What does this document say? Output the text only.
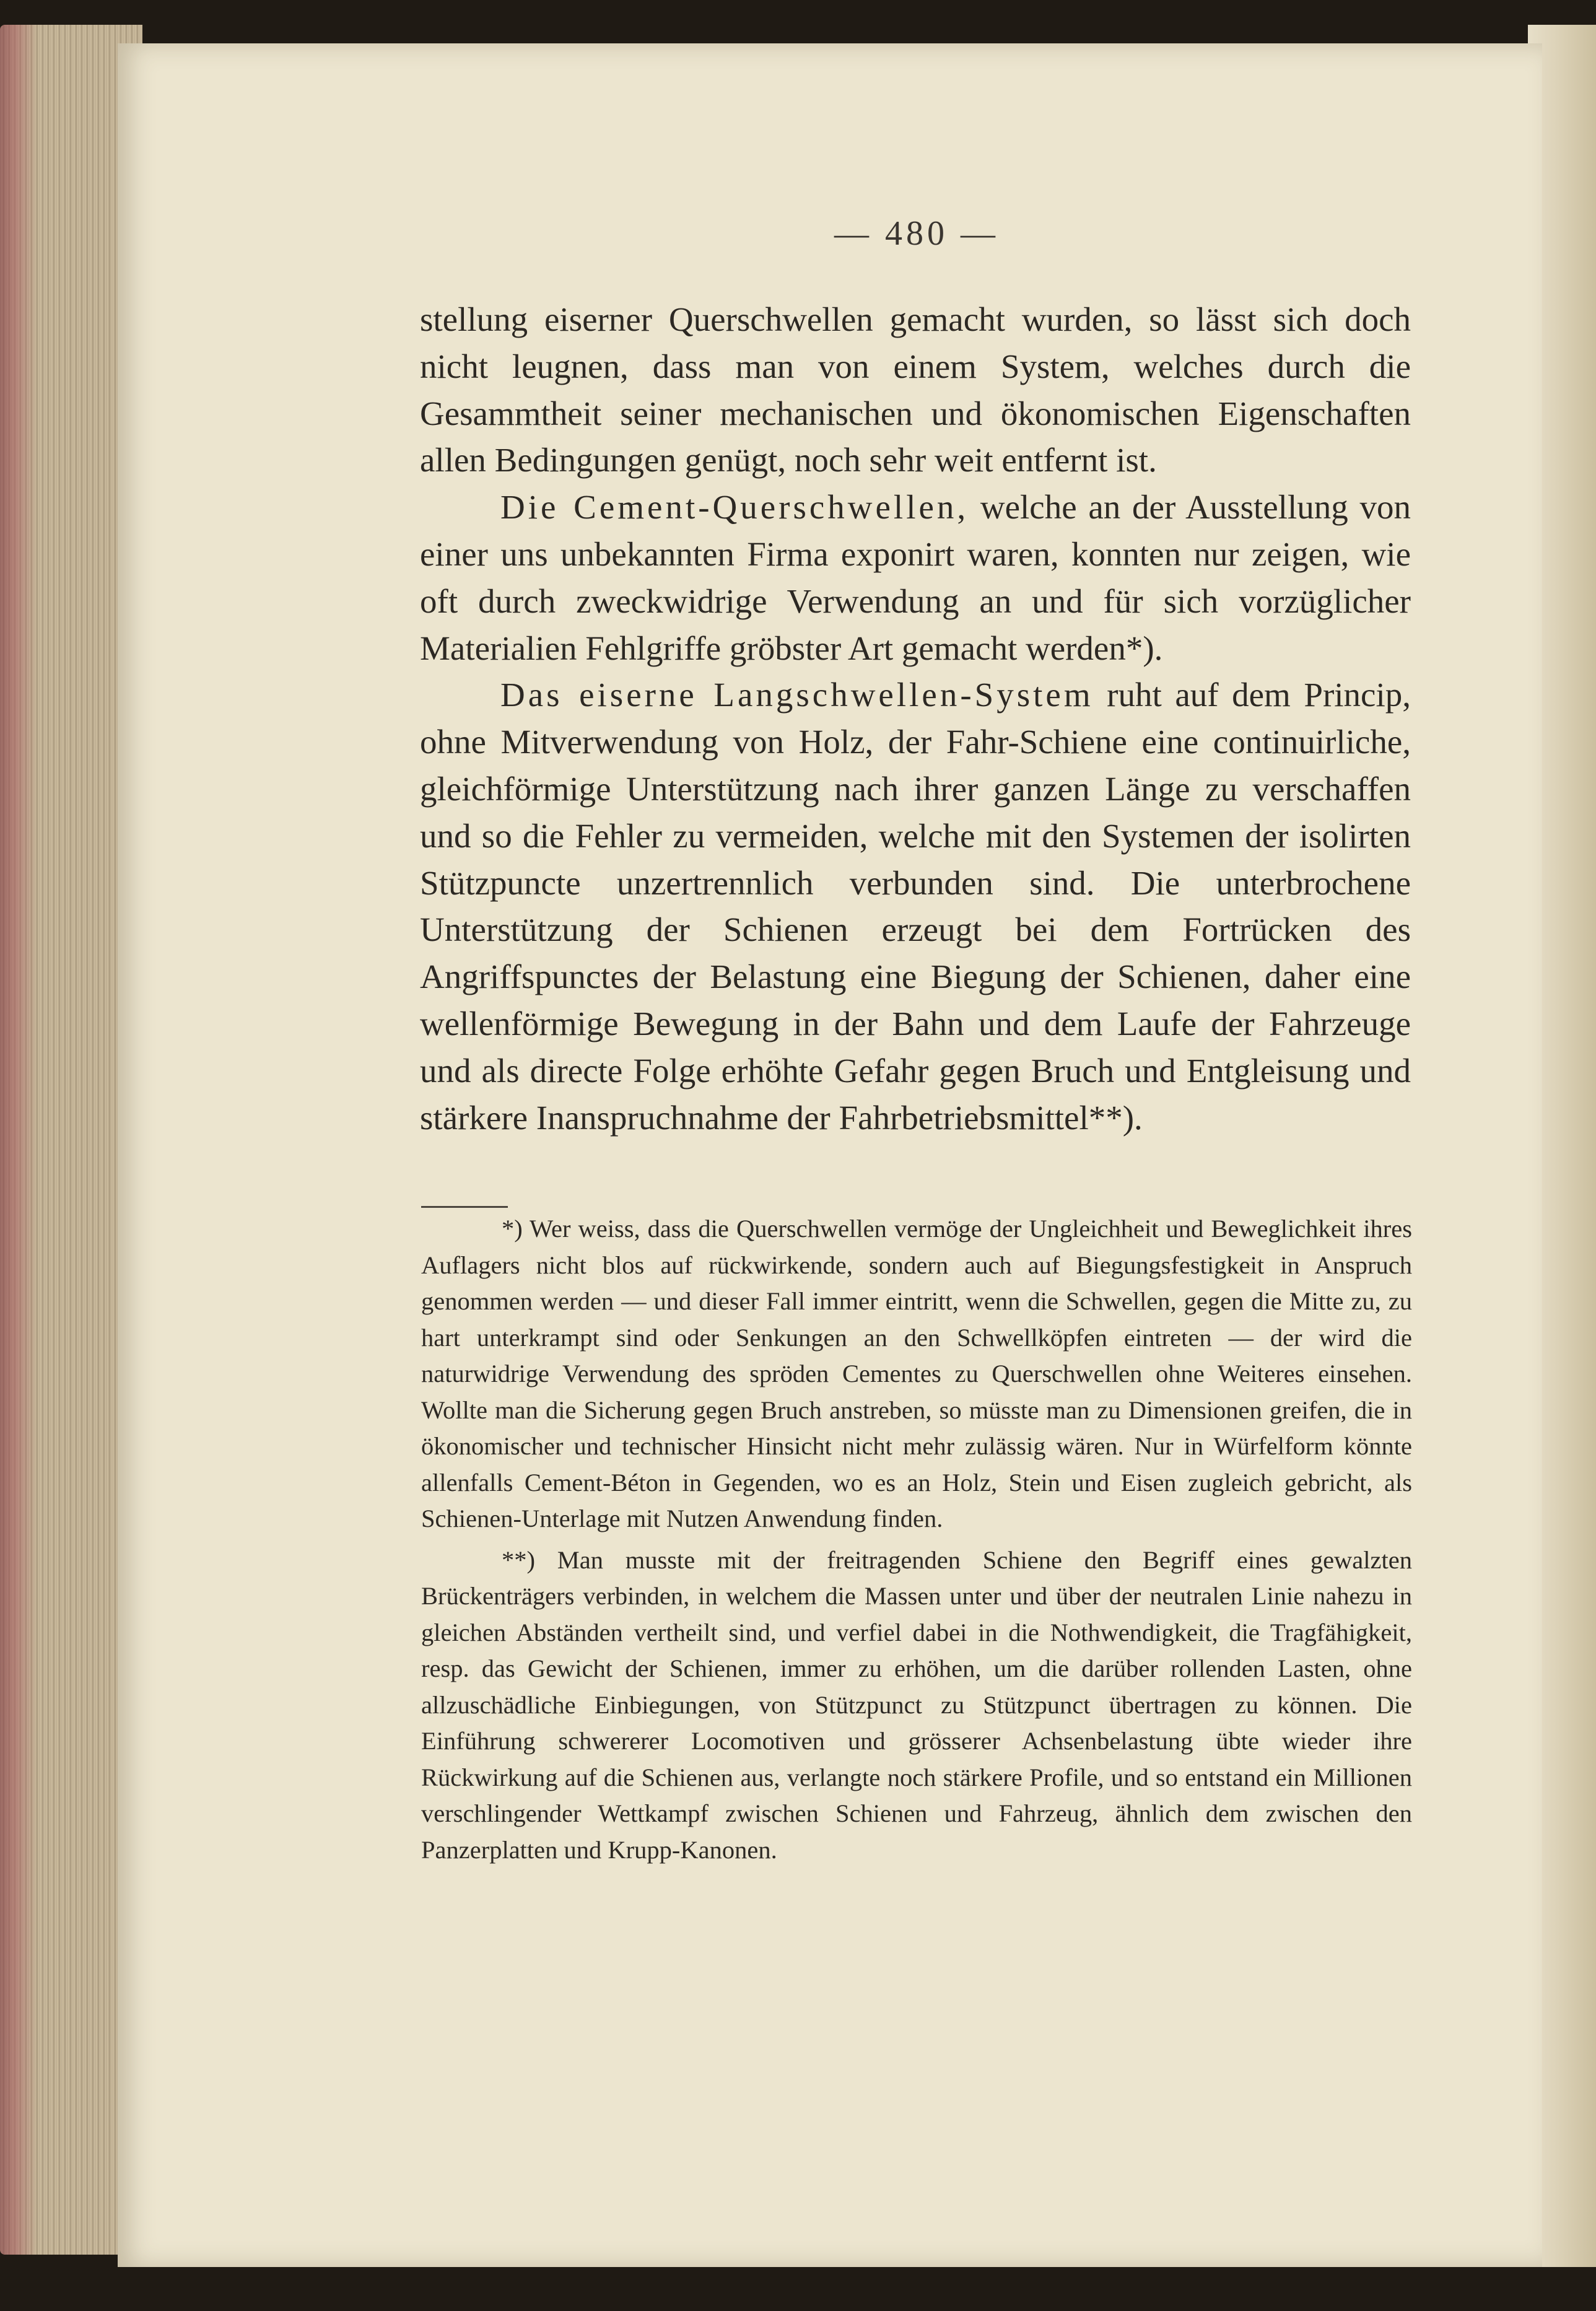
— 480 —

stellung eiserner Querschwellen gemacht wurden, so lässt sich doch nicht leugnen, dass man von einem System, welches durch die Gesammtheit seiner mechanischen und ökonomischen Eigenschaften allen Bedingungen genügt, noch sehr weit entfernt ist.

Die Cement-Querschwellen, welche an der Ausstellung von einer uns unbekannten Firma exponirt waren, konnten nur zeigen, wie oft durch zweckwidrige Verwendung an und für sich vorzüglicher Materialien Fehlgriffe gröbster Art gemacht werden*).

Das eiserne Langschwellen-System ruht auf dem Princip, ohne Mitverwendung von Holz, der Fahr-Schiene eine continuirliche, gleichförmige Unterstützung nach ihrer ganzen Länge zu verschaffen und so die Fehler zu vermeiden, welche mit den Systemen der isolirten Stützpuncte unzertrennlich verbunden sind. Die unterbrochene Unterstützung der Schienen erzeugt bei dem Fortrücken des Angriffspunctes der Belastung eine Biegung der Schienen, daher eine wellenförmige Bewegung in der Bahn und dem Laufe der Fahrzeuge und als directe Folge erhöhte Gefahr gegen Bruch und Entgleisung und stärkere Inanspruchnahme der Fahrbetriebsmittel**).

*) Wer weiss, dass die Querschwellen vermöge der Ungleichheit und Beweglichkeit ihres Auflagers nicht blos auf rückwirkende, sondern auch auf Biegungsfestigkeit in Anspruch genommen werden — und dieser Fall immer eintritt, wenn die Schwellen, gegen die Mitte zu, zu hart unterkrampt sind oder Senkungen an den Schwellköpfen eintreten — der wird die naturwidrige Verwendung des spröden Cementes zu Querschwellen ohne Weiteres einsehen. Wollte man die Sicherung gegen Bruch anstreben, so müsste man zu Dimensionen greifen, die in ökonomischer und technischer Hinsicht nicht mehr zulässig wären. Nur in Würfelform könnte allenfalls Cement-Béton in Gegenden, wo es an Holz, Stein und Eisen zugleich gebricht, als Schienen-Unterlage mit Nutzen Anwendung finden.

**) Man musste mit der freitragenden Schiene den Begriff eines gewalzten Brückenträgers verbinden, in welchem die Massen unter und über der neutralen Linie nahezu in gleichen Abständen vertheilt sind, und verfiel dabei in die Nothwendigkeit, die Tragfähigkeit, resp. das Gewicht der Schienen, immer zu erhöhen, um die darüber rollenden Lasten, ohne allzuschädliche Einbiegungen, von Stützpunct zu Stützpunct übertragen zu können. Die Einführung schwererer Locomotiven und grösserer Achsenbelastung übte wieder ihre Rückwirkung auf die Schienen aus, verlangte noch stärkere Profile, und so entstand ein Millionen verschlingender Wettkampf zwischen Schienen und Fahrzeug, ähnlich dem zwischen den Panzerplatten und Krupp-Kanonen.
